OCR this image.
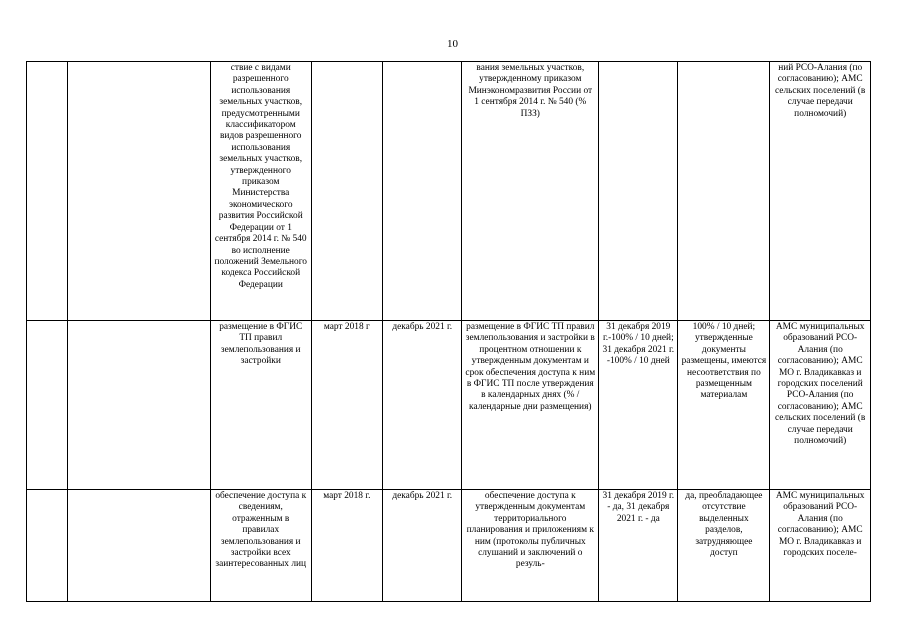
10

		ствие с видами разрешенного использования земельных участков, предусмотренными классификатором видов разрешенного использования земельных участков, утвержденного приказом Министерства экономического развития Российской Федерации от 1 сентября 2014 г. № 540 во исполнение положений Земельного кодекса Российской Федерации			вания земельных участков, утвержденному приказом Минэкономразвития России от 1 сентября 2014 г. № 540 (% ПЗЗ)			ний РСО-Алания (по согласованию); АМС сельских поселений (в случае передачи полномочий)

		размещение в ФГИС ТП правил землепользования и застройки	март 2018 г	декабрь 2021 г.	размещение в ФГИС ТП правил землепользования и застройки в процентном отношении к утвержденным документам и срок обеспечения доступа к ним в ФГИС ТП после утверждения в календарных днях (% /календарные дни размещения)	31 декабря 2019 г.-100% / 10 дней; 31 декабря 2021 г. -100% / 10 дней	100% / 10 дней; утвержденные документы размещены, имеются несоответствия по размещенным материалам	АМС муниципальных образований РСО-Алания (по согласованию); АМС МО г. Владикавказ и городских поселений РСО-Алания (по согласованию); АМС сельских поселений (в случае передачи полномочий)

		обеспечение доступа к сведениям, отраженным в правилах землепользования и застройки всех заинтересованных лиц	март 2018 г.	декабрь 2021 г.	обеспечение доступа к утвержденным документам территориального планирования и приложениям к ним (протоколы публичных слушаний и заключений о резуль-	31 декабря 2019 г. - да, 31 декабря 2021 г. - да	да, преобладающее отсутствие выделенных разделов, затрудняющее доступ	АМС муниципальных образований РСО-Алания (по согласованию); АМС МО г. Владикавказ и городских поселе-
